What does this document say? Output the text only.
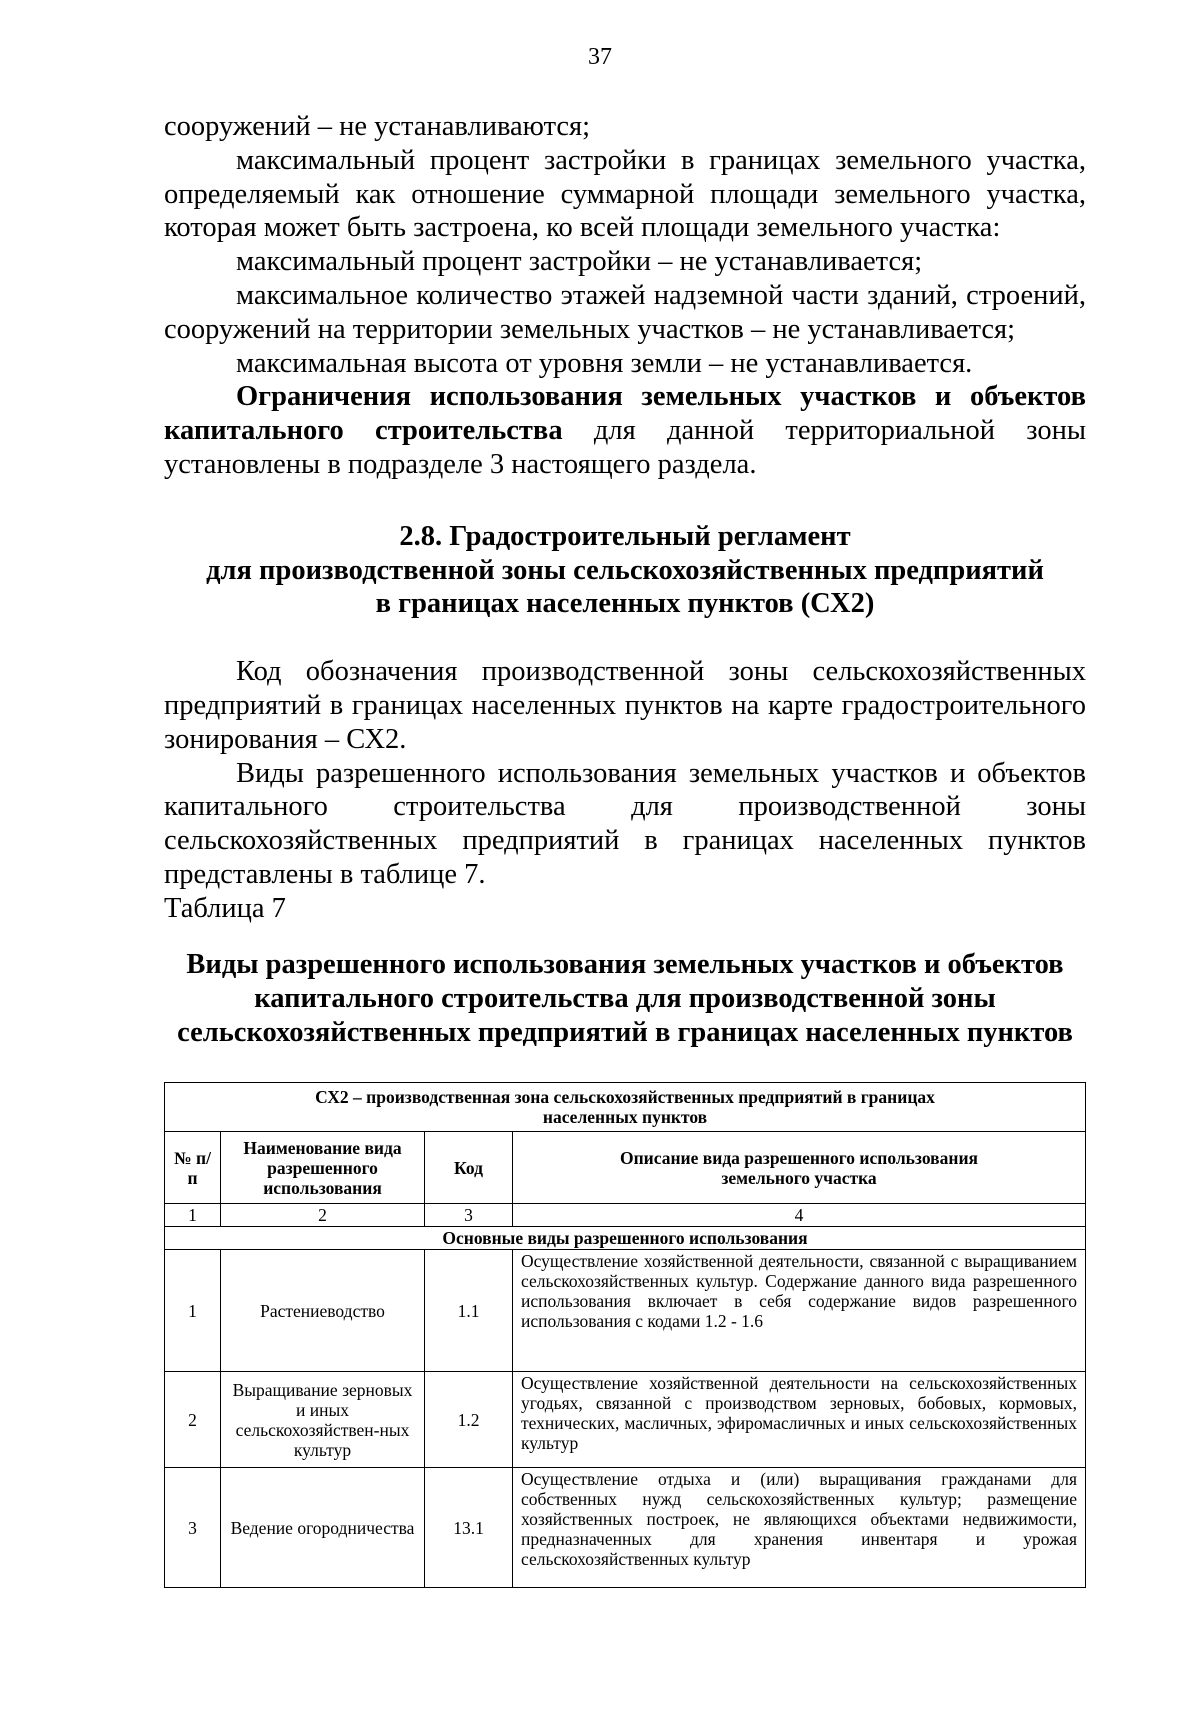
37

сооружений – не устанавливаются;

максимальный процент застройки в границах земельного участка, определяемый как отношение суммарной площади земельного участка, которая может быть застроена, ко всей площади земельного участка:

максимальный процент застройки – не устанавливается;

максимальное количество этажей надземной части зданий, строений, сооружений на территории земельных участков – не устанавливается;

максимальная высота от уровня земли – не устанавливается.

Ограничения использования земельных участков и объектов капитального строительства для данной территориальной зоны установлены в подразделе 3 настоящего раздела.

2.8. Градостроительный регламент
для производственной зоны сельскохозяйственных предприятий
в границах населенных пунктов (СХ2)

Код обозначения производственной зоны сельскохозяйственных предприятий в границах населенных пунктов на карте градостроительного зонирования – СХ2.

Виды разрешенного использования земельных участков и объектов капитального строительства для производственной зоны сельскохозяйственных предприятий в границах населенных пунктов представлены в таблице 7.

Таблица 7

Виды разрешенного использования земельных участков и объектов
капитального строительства для производственной зоны
сельскохозяйственных предприятий в границах населенных пунктов
СХ2 – производственная зона сельскохозяйственных предприятий в границах населенных пунктов			
№ п/п	Наименование вида разрешенного использования	Код	Описание вида разрешенного использования земельного участка
1	2	3	4
Основные виды разрешенного использования			
1	Растениеводство	1.1	Осуществление хозяйственной деятельности, связанной с выращиванием сельскохозяйственных культур. Содержание данного вида разрешенного использования включает в себя содержание видов разрешенного использования с кодами 1.2 - 1.6
2	Выращивание зерновых и иных сельскохозяйствен-ных культур	1.2	Осуществление хозяйственной деятельности на сельскохозяйственных угодьях, связанной с производством зерновых, бобовых, кормовых, технических, масличных, эфиромасличных и иных сельскохозяйственных культур
3	Ведение огородничества	13.1	Осуществление отдыха и (или) выращивания гражданами для собственных нужд сельскохозяйственных культур; размещение хозяйственных построек, не являющихся объектами недвижимости, предназначенных для хранения инвентаря и урожая сельскохозяйственных культур
